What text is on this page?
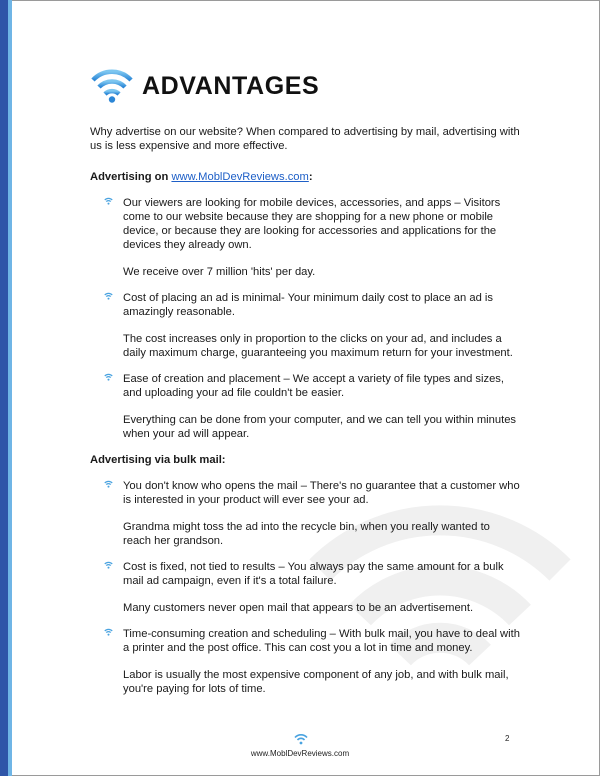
ADVANTAGES

Why advertise on our website? When compared to advertising by mail, advertising with us is less expensive and more effective.

Advertising on www.MoblDevReviews.com:

Our viewers are looking for mobile devices, accessories, and apps – Visitors come to our website because they are shopping for a new phone or mobile device, or because they are looking for accessories and applications for the devices they already own.

We receive over 7 million 'hits' per day.

Cost of placing an ad is minimal- Your minimum daily cost to place an ad is amazingly reasonable.

The cost increases only in proportion to the clicks on your ad, and includes a daily maximum charge, guaranteeing you maximum return for your investment.

Ease of creation and placement – We accept a variety of file types and sizes, and uploading your ad file couldn't be easier.

Everything can be done from your computer, and we can tell you within minutes when your ad will appear.

Advertising via bulk mail:

You don't know who opens the mail – There's no guarantee that a customer who is interested in your product will ever see your ad.

Grandma might toss the ad into the recycle bin, when you really wanted to reach her grandson.

Cost is fixed, not tied to results – You always pay the same amount for a bulk mail ad campaign, even if it's a total failure.

Many customers never open mail that appears to be an advertisement.

Time-consuming creation and scheduling – With bulk mail, you have to deal with a printer and the post office. This can cost you a lot in time and money.

Labor is usually the most expensive component of any job, and with bulk mail, you're paying for lots of time.

www.MoblDevReviews.com
2
